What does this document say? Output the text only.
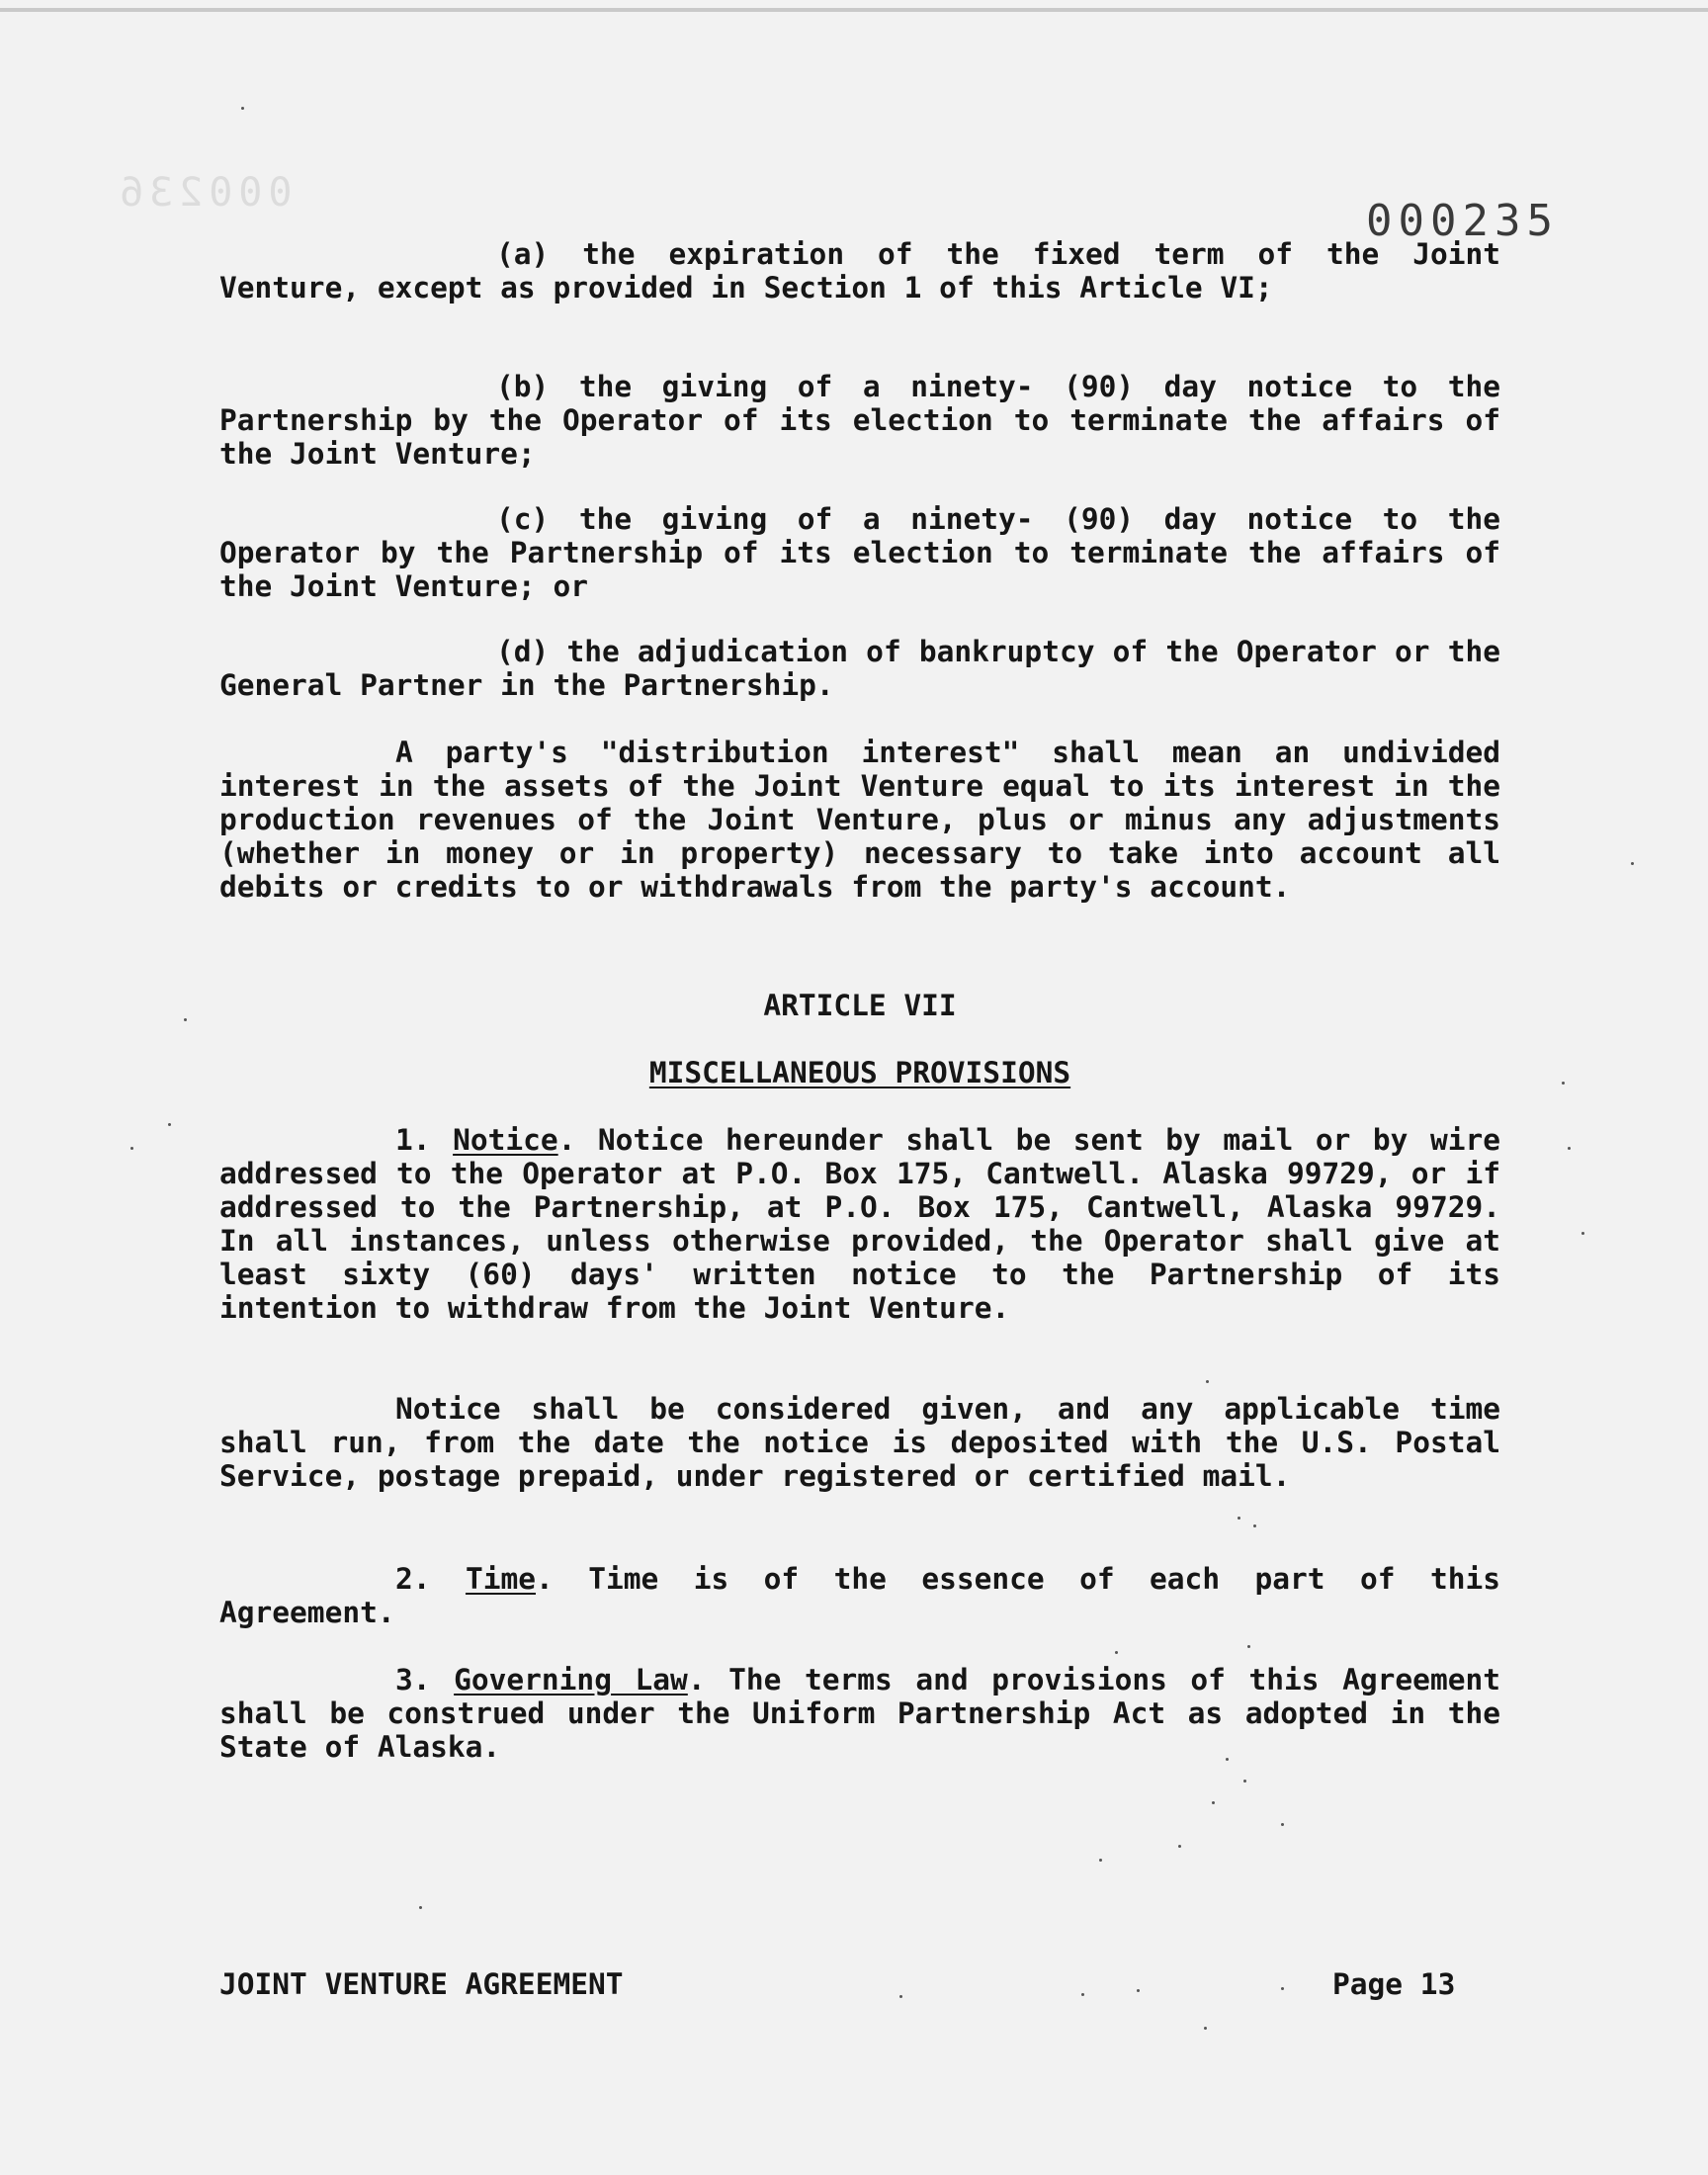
000236
000235

(a) the expiration of the fixed term of the Joint Venture, except as provided in Section 1 of this Article VI;

(b) the giving of a ninety- (90) day notice to the Partnership by the Operator of its election to terminate the affairs of the Joint Venture;

(c) the giving of a ninety- (90) day notice to the Operator by the Partnership of its election to terminate the affairs of the Joint Venture; or

(d) the adjudication of bankruptcy of the Operator or the General Partner in the Partnership.

A party's "distribution interest" shall mean an undivided interest in the assets of the Joint Venture equal to its interest in the production revenues of the Joint Venture, plus or minus any adjustments (whether in money or in property) necessary to take into account all debits or credits to or withdrawals from the party's account.

ARTICLE VII
MISCELLANEOUS PROVISIONS

1. Notice. Notice hereunder shall be sent by mail or by wire addressed to the Operator at P.O. Box 175, Cantwell. Alaska 99729, or if addressed to the Partnership, at P.O. Box 175, Cantwell, Alaska 99729. In all instances, unless otherwise provided, the Operator shall give at least sixty (60) days' written notice to the Partnership of its intention to withdraw from the Joint Venture.

Notice shall be considered given, and any applicable time shall run, from the date the notice is deposited with the U.S. Postal Service, postage prepaid, under registered or certified mail.

2. Time. Time is of the essence of each part of this Agreement.

3. Governing Law. The terms and provisions of this Agreement shall be construed under the Uniform Partnership Act as adopted in the State of Alaska.

JOINT VENTURE AGREEMENT	Page 13
